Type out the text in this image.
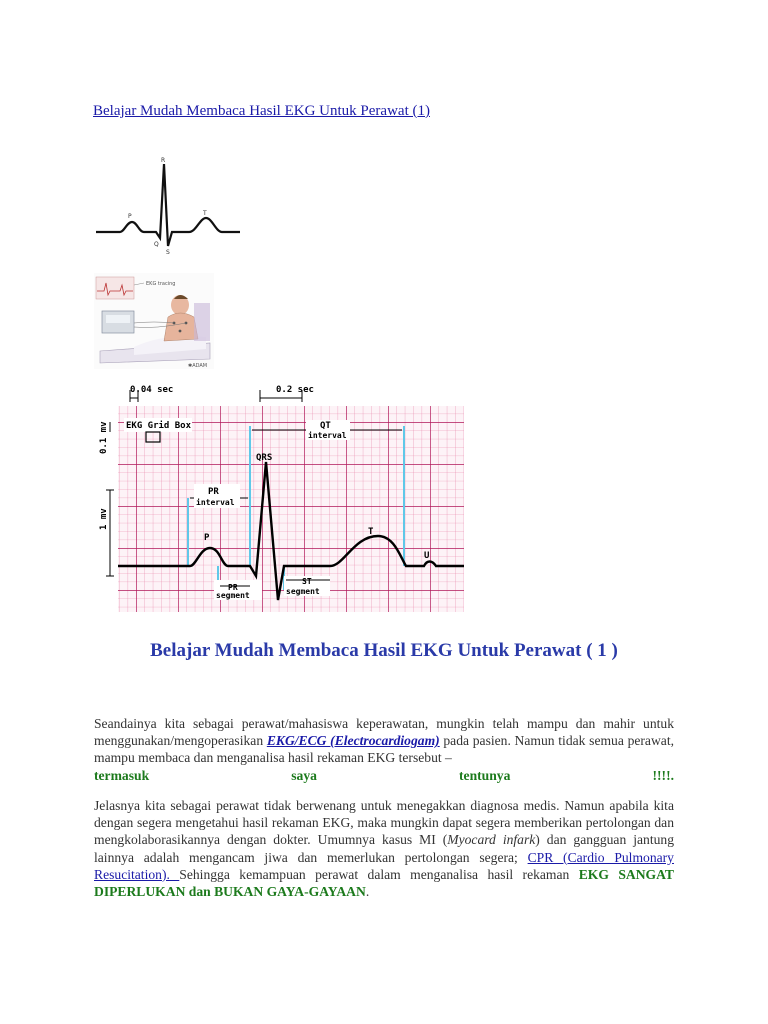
Belajar Mudah Membaca Hasil EKG Untuk Perawat (1)
R
P	T
Q
S
EKG tracing
✱ADAM
0.04 sec	0.2 sec
0.1 mv
1 mv
EKG Grid Box	QT
interval
PR
interval
QRS
P
T
U
PR
segment
ST
segment
Belajar Mudah Membaca Hasil EKG Untuk Perawat ( 1 )
Seandainya kita sebagai perawat/mahasiswa keperawatan, mungkin telah mampu dan mahir untuk menggunakan/mengoperasikan EKG/ECG (Electrocardiogam) pada pasien. Namun tidak semua perawat, mampu membaca dan menganalisa hasil rekaman EKG tersebut –
termasuk	saya	tentunya	!!!!.
Jelasnya kita sebagai perawat tidak berwenang untuk menegakkan diagnosa medis. Namun apabila kita dengan segera mengetahui hasil rekaman EKG, maka mungkin dapat segera memberikan pertolongan dan mengkolaborasikannya dengan dokter. Umumnya kasus MI (Myocard infark) dan gangguan jantung lainnya adalah mengancam jiwa dan memerlukan pertolongan segera; CPR (Cardio Pulmonary Resucitation). Sehingga kemampuan perawat dalam menganalisa hasil rekaman EKG SANGAT DIPERLUKAN dan BUKAN GAYA-GAYAAN.
